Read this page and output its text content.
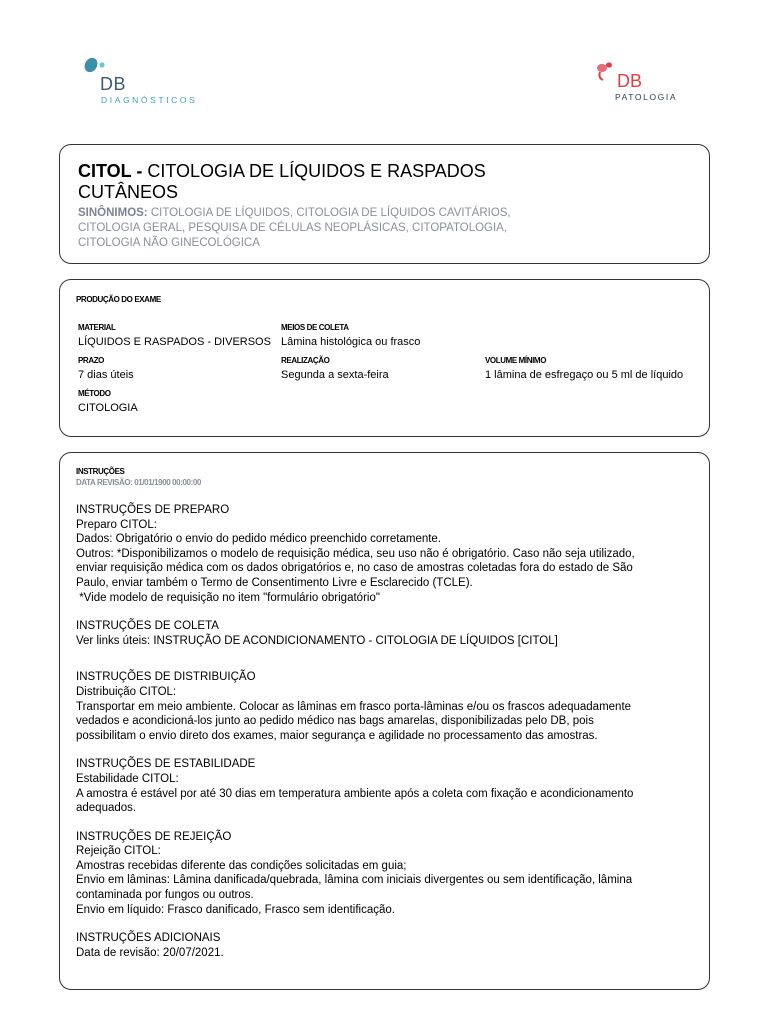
DB
DIAGNÓSTICOS
DB
PATOLOGIA
CITOL - CITOLOGIA DE LÍQUIDOS E RASPADOS
CUTÂNEOS
SINÔNIMOS: CITOLOGIA DE LÍQUIDOS, CITOLOGIA DE LÍQUIDOS CAVITÁRIOS,
CITOLOGIA GERAL, PESQUISA DE CÉLULAS NEOPLÁSICAS, CITOPATOLOGIA,
CITOLOGIA NÃO GINECOLÓGICA
PRODUÇÃO DO EXAME
MATERIAL
LÍQUIDOS E RASPADOS - DIVERSOS
MEIOS DE COLETA
Lâmina histológica ou frasco
PRAZO
7 dias úteis
REALIZAÇÃO
Segunda a sexta-feira
VOLUME MÍNIMO
1 lâmina de esfregaço ou 5 ml de líquido
MÉTODO
CITOLOGIA
INSTRUÇÕES
DATA REVISÃO: 01/01/1900 00:00:00
INSTRUÇÕES DE PREPARO
Preparo CITOL:
Dados: Obrigatório o envio do pedido médico preenchido corretamente.
Outros: *Disponibilizamos o modelo de requisição médica, seu uso não é obrigatório. Caso não seja utilizado,
enviar requisição médica com os dados obrigatórios e, no caso de amostras coletadas fora do estado de São
Paulo, enviar também o Termo de Consentimento Livre e Esclarecido (TCLE).
*Vide modelo de requisição no item "formulário obrigatório"
INSTRUÇÕES DE COLETA
Ver links úteis: INSTRUÇÃO DE ACONDICIONAMENTO - CITOLOGIA DE LÍQUIDOS [CITOL]
INSTRUÇÕES DE DISTRIBUIÇÃO
Distribuição CITOL:
Transportar em meio ambiente. Colocar as lâminas em frasco porta-lâminas e/ou os frascos adequadamente
vedados e acondicioná-los junto ao pedido médico nas bags amarelas, disponibilizadas pelo DB, pois
possibilitam o envio direto dos exames, maior segurança e agilidade no processamento das amostras.
INSTRUÇÕES DE ESTABILIDADE
Estabilidade CITOL:
A amostra é estável por até 30 dias em temperatura ambiente após a coleta com fixação e acondicionamento
adequados.
INSTRUÇÕES DE REJEIÇÃO
Rejeição CITOL:
Amostras recebidas diferente das condições solicitadas em guia;
Envio em lâminas: Lâmina danificada/quebrada, lâmina com iniciais divergentes ou sem identificação, lâmina
contaminada por fungos ou outros.
Envio em líquido: Frasco danificado, Frasco sem identificação.
INSTRUÇÕES ADICIONAIS
Data de revisão: 20/07/2021.
